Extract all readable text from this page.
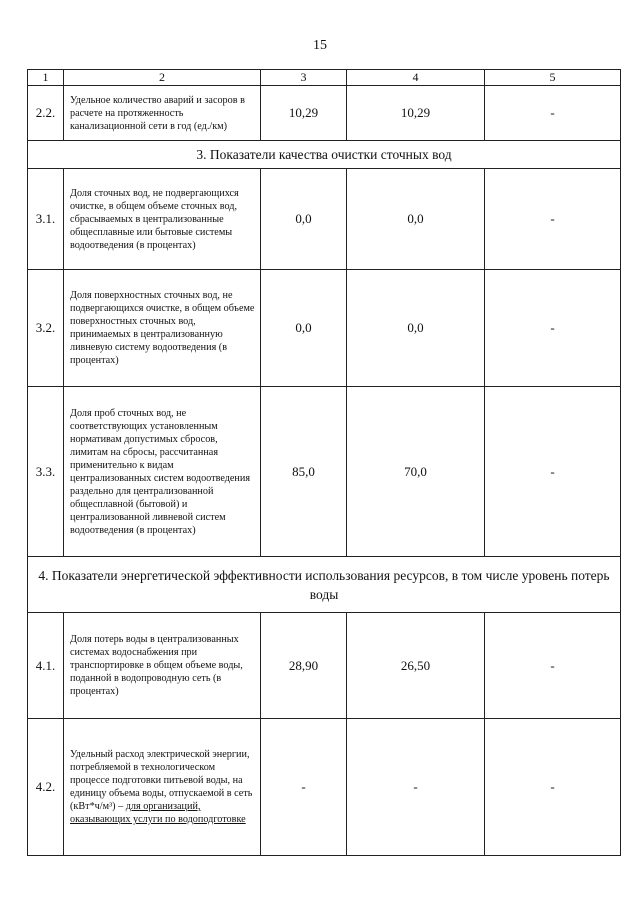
15
1	2	3	4	5
2.2.	Удельное количество аварий и засоров в расчете на протяженность канализационной сети в год (ед./км)	10,29	10,29	-
3. Показатели качества очистки сточных вод				
3.1.	Доля сточных вод, не подвергающихся очистке, в общем объеме сточных вод, сбрасываемых в централизованные общесплавные или бытовые системы водоотведения (в процентах)	0,0	0,0	-
3.2.	Доля поверхностных сточных вод, не подвергающихся очистке, в общем объеме поверхностных сточных вод, принимаемых в централизованную ливневую систему водоотведения (в процентах)	0,0	0,0	-
3.3.	Доля проб сточных вод, не соответствующих установленным нормативам допустимых сбросов, лимитам на сбросы, рассчитанная применительно к видам централизованных систем водоотведения раздельно для централизованной общесплавной (бытовой) и централизованной ливневой систем водоотведения (в процентах)	85,0	70,0	-
4. Показатели энергетической эффективности использования ресурсов, в том числе уровень потерь воды				
4.1.	Доля потерь воды в централизованных системах водоснабжения при транспортировке в общем объеме воды, поданной в водопроводную сеть (в процентах)	28,90	26,50	-
4.2.	Удельный расход электрической энергии, потребляемой в технологическом процессе подготовки питьевой воды, на единицу объема воды, отпускаемой в сеть (кВт*ч/м³) – для организаций, оказывающих услуги по водоподготовке	-	-	-
